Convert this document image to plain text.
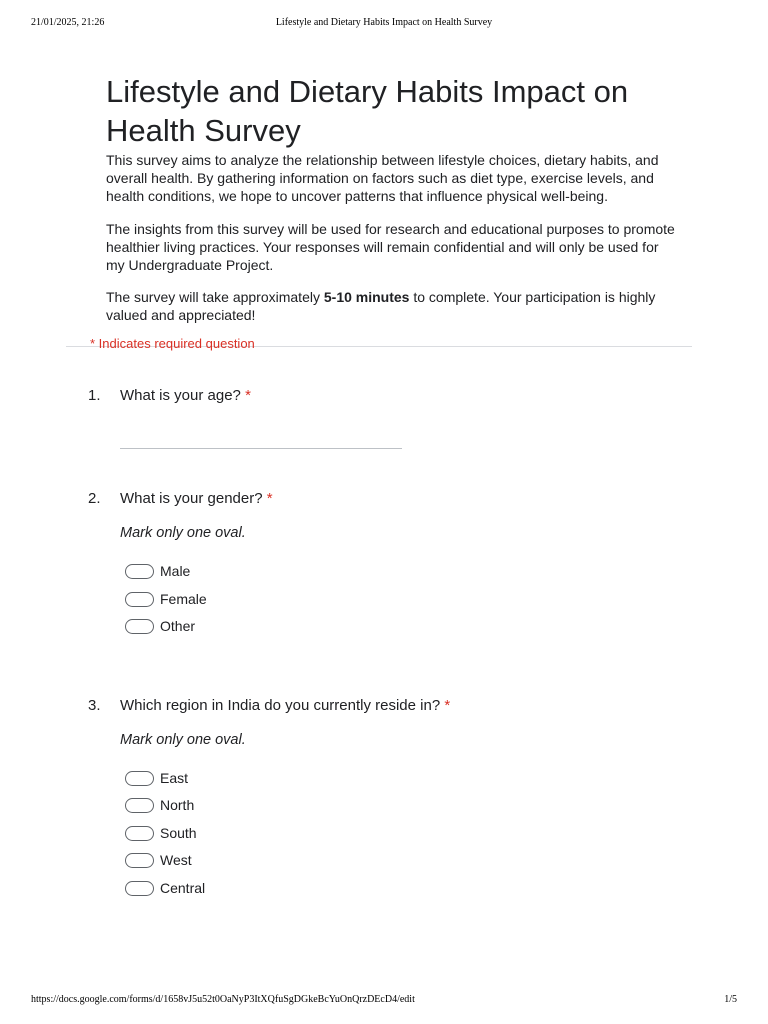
21/01/2025, 21:26	Lifestyle and Dietary Habits Impact on Health Survey
Lifestyle and Dietary Habits Impact on Health Survey

This survey aims to analyze the relationship between lifestyle choices, dietary habits, and overall health. By gathering information on factors such as diet type, exercise levels, and health conditions, we hope to uncover patterns that influence physical well-being.

The insights from this survey will be used for research and educational purposes to promote healthier living practices. Your responses will remain confidential and will only be used for my Undergraduate Project.

The survey will take approximately 5-10 minutes to complete. Your participation is highly valued and appreciated!

* Indicates required question
1. What is your age? *
2. What is your gender? *
Mark only one oval.
Male
Female
Other
3. Which region in India do you currently reside in? *
Mark only one oval.
East
North
South
West
Central
https://docs.google.com/forms/d/1658vJ5u52t0OaNyP3ItXQfuSgDGkeBcYuOnQrzDEcD4/edit	1/5
